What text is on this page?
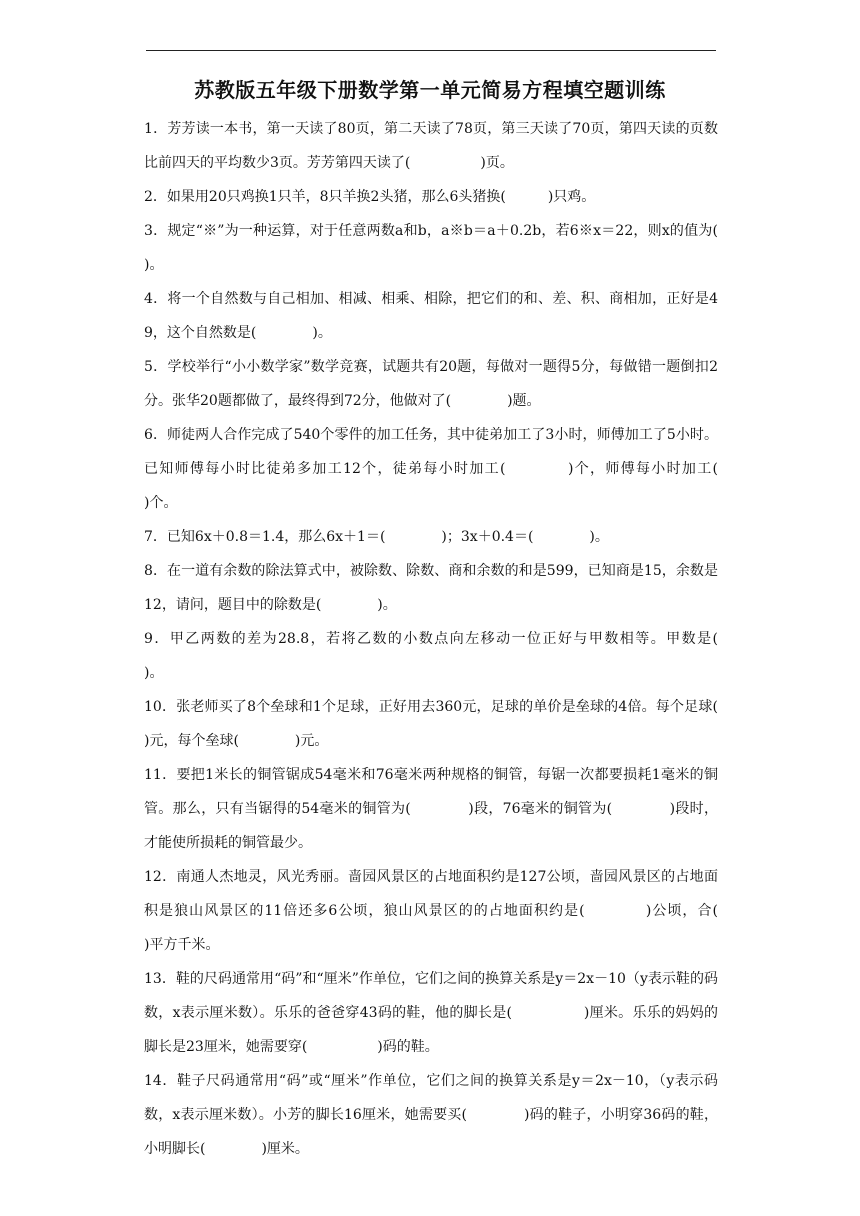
苏教版五年级下册数学第一单元简易方程填空题训练
1．芳芳读一本书，第一天读了80页，第二天读了78页，第三天读了70页，第四天读的页数比前四天的平均数少3页。芳芳第四天读了(　　　　　)页。
2．如果用20只鸡换1只羊，8只羊换2头猪，那么6头猪换(　　　)只鸡。
3．规定“※”为一种运算，对于任意两数a和b，a※b＝a＋0.2b，若6※x＝22，则x的值为(　　　　)。
4．将一个自然数与自己相加、相减、相乘、相除，把它们的和、差、积、商相加，正好是49，这个自然数是(　　　　)。
5．学校举行“小小数学家”数学竞赛，试题共有20题，每做对一题得5分，每做错一题倒扣2分。张华20题都做了，最终得到72分，他做对了(　　　　)题。
6．师徒两人合作完成了540个零件的加工任务，其中徒弟加工了3小时，师傅加工了5小时。已知师傅每小时比徒弟多加工12个，徒弟每小时加工(　　　　)个，师傅每小时加工(　　　　)个。
7．已知6x＋0.8＝1.4，那么6x＋1＝(　　　　)；3x＋0.4＝(　　　　)。
8．在一道有余数的除法算式中，被除数、除数、商和余数的和是599，已知商是15，余数是12，请问，题目中的除数是(　　　　)。
9．甲乙两数的差为28.8，若将乙数的小数点向左移动一位正好与甲数相等。甲数是(　　　　)。
10．张老师买了8个垒球和1个足球，正好用去360元，足球的单价是垒球的4倍。每个足球(　　　　)元，每个垒球(　　　　)元。
11．要把1米长的铜管锯成54毫米和76毫米两种规格的铜管，每锯一次都要损耗1毫米的铜管。那么，只有当锯得的54毫米的铜管为(　　　　)段，76毫米的铜管为(　　　　)段时，才能使所损耗的铜管最少。
12．南通人杰地灵，风光秀丽。啬园风景区的占地面积约是127公顷，啬园风景区的占地面积是狼山风景区的11倍还多6公顷，狼山风景区的的占地面积约是(　　　　)公顷，合(　　　　)平方千米。
13．鞋的尺码通常用“码”和“厘米”作单位，它们之间的换算关系是y＝2x－10（y表示鞋的码数，x表示厘米数）。乐乐的爸爸穿43码的鞋，他的脚长是(　　　　　)厘米。乐乐的妈妈的脚长是23厘米，她需要穿(　　　　　)码的鞋。
14．鞋子尺码通常用“码”或“厘米”作单位，它们之间的换算关系是y＝2x－10，（y表示码数，x表示厘米数）。小芳的脚长16厘米，她需要买(　　　　)码的鞋子，小明穿36码的鞋，小明脚长(　　　　)厘米。
